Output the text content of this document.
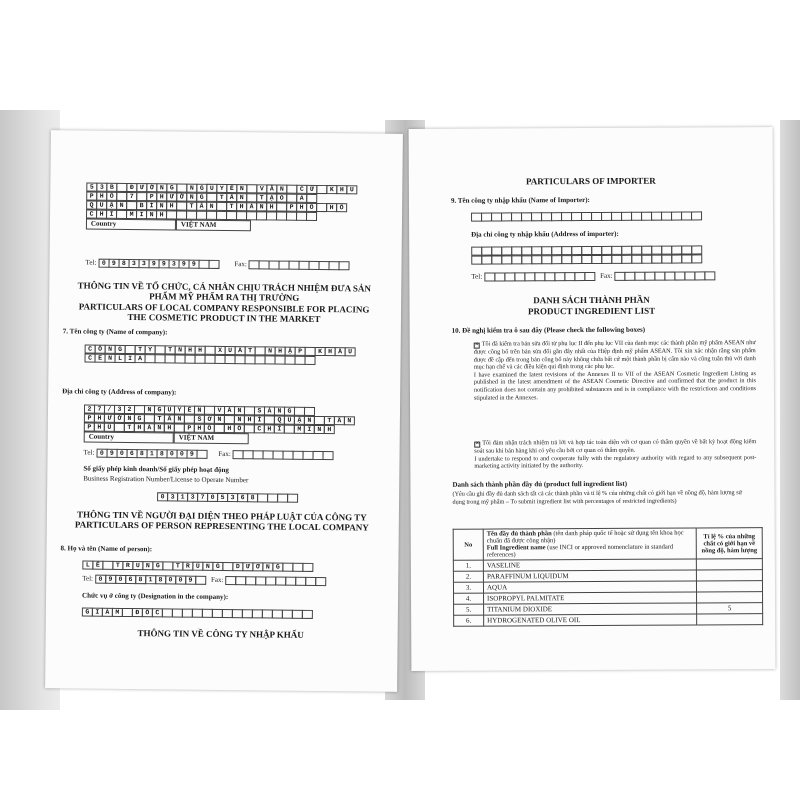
5 3 B	Đ Ư Ờ N G	N G U Y Ễ N	V Ă N	C Ừ	K H U
P H Ố	7	P H Ư Ờ N G	T Â N	T Ạ O	A
Q U Ậ N	B Ì N H	T Â N	T H À N H	P H Ố	H Ồ
C H Í	M I N H
Country	VIỆT NAM
Tel: 0 9 8 3 3 9 9 3 9 9	Fax:
THÔNG TIN VỀ TỔ CHỨC, CÁ NHÂN CHỊU TRÁCH NHIỆM ĐƯA SẢN PHẨM MỸ PHẨM RA THỊ TRƯỜNG
PARTICULARS OF LOCAL COMPANY RESPONSIBLE FOR PLACING THE COSMETIC PRODUCT IN THE MARKET
7. Tên công ty (Name of company):
C Ô N G	T Y	T N H H	X U Ấ T	N H Ậ P	K H Ẩ U
C E N L I A
Địa chỉ công ty (Address of company):
2 7 / 3 2	N G U Y Ễ N	V Ă N	S Á N G
P H Ư Ờ N G	T Â N	S Ơ N	N H Ì	Q U Ậ N	T Â N
P H Ú	T H À N H	P H Ố	H Ồ	C H Í	M I N H
Country	VIỆT NAM
Tel: 0 9 0 6 8 1 8 0 0 9	Fax:
Số giấy phép kinh doanh/Số giấy phép hoạt động
Business Registration Number/License to Operate Number
0 3 1 3 7 0 5 3 6 8
THÔNG TIN VỀ NGƯỜI ĐẠI DIỆN THEO PHÁP LUẬT CỦA CÔNG TY
PARTICULARS OF PERSON REPRESENTING THE LOCAL COMPANY
8. Họ và tên (Name of person):
L Ê	T R U N G	T R Ú N G	D Ư Ơ N G
Tel: 0 9 0 6 8 1 8 0 0 9	Fax:
Chức vụ ở công ty (Designation in the company):
G I Á M	Đ Ố C
THÔNG TIN VỀ CÔNG TY NHẬP KHẨU
PARTICULARS OF IMPORTER
9. Tên công ty nhập khẩu (Name of Importer):
Địa chỉ công ty nhập khẩu (Address of importer):
Tel:	Fax:
DANH SÁCH THÀNH PHẦN
PRODUCT INGREDIENT LIST
10. Đề nghị kiểm tra ô sau đây (Please check the following boxes)
✕ Tôi đã kiểm tra bản sửa đổi từ phụ lục II đến phụ lục VII của danh mục các thành phần mỹ phẩm ASEAN như được công bố trên bản sửa đổi gần đây nhất của Hiệp định mỹ phẩm ASEAN. Tôi xin xác nhận rằng sản phẩm được đề cập đến trong bản công bố này không chứa bất cứ một thành phần bị cấm nào và cũng tuân thủ với danh mục hạn chế và các điều kiện qui định trong các phụ lục.
I have examined the latest revisions of the Annexes II to VII of the ASEAN Cosmetic Ingredient Listing as published in the latest amendment of the ASEAN Cosmetic Directive and confirmed that the product in this notification does not contain any prohibited substances and is in compliance with the restrictions and conditions stipulated in the Annexes.
✕ Tôi đảm nhận trách nhiệm trả lời và hợp tác toàn diện với cơ quan có thẩm quyền về bất kỳ hoạt động kiểm soát sau khi bán hàng khi có yêu cầu bởi cơ quan có thẩm quyền.
I undertake to respond to and cooperate fully with the regulatory authority with regard to any subsequent post-marketing activity initiated by the authority.
Danh sách thành phần đầy đủ (product full ingredient list)
(Yêu cầu ghi đầy đủ danh sách tất cả các thành phần và tỉ lệ % của những chất có giới hạn về nồng độ, hàm lượng sử dụng trong mỹ phẩm – To submit ingredient list with percentages of restricted ingredients)
No	Tên đầy đủ thành phần (tên danh pháp quốc tế hoặc sử dụng tên khoa học chuẩn đã được công nhận)
Full Ingredient name (use INCI or approved nomenclature in standard references)	Tỉ lệ % của những chất có giới hạn về nồng độ, hàm lượng
1.	VASELINE	
2.	PARAFFINUM LIQUIDUM	
3.	AQUA	
4.	ISOPROPYL PALMITATE	
5.	TITANIUM DIOXIDE	5
6.	HYDROGENATED OLIVE OIL	
